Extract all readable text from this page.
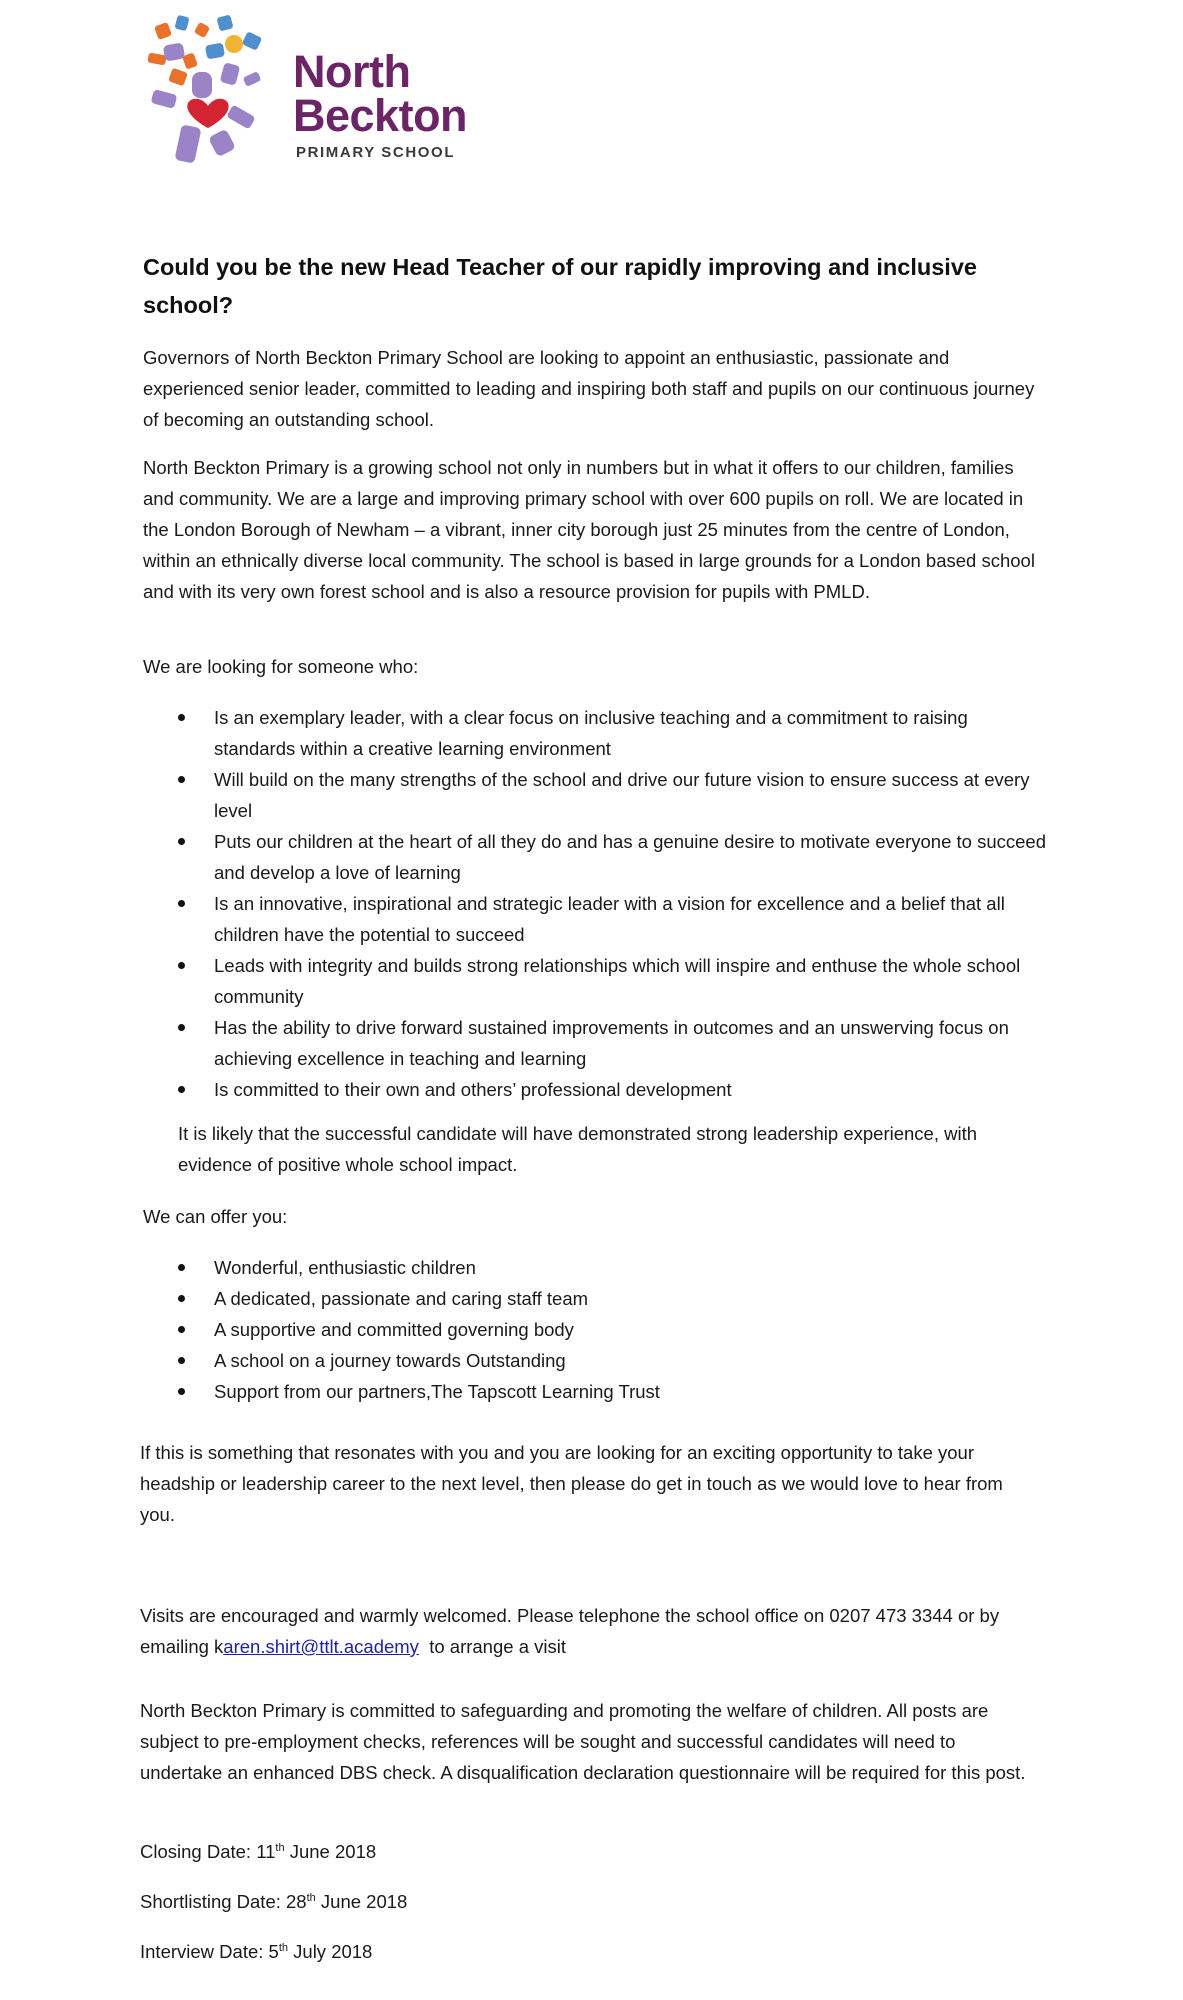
North
Beckton
PRIMARY SCHOOL
Could you be the new Head Teacher of our rapidly improving and inclusive school?

Governors of North Beckton Primary School are looking to appoint an enthusiastic, passionate and experienced senior leader, committed to leading and inspiring both staff and pupils on our continuous journey of becoming an outstanding school.

North Beckton Primary is a growing school not only in numbers but in what it offers to our children, families and community. We are a large and improving primary school with over 600 pupils on roll. We are located in the London Borough of Newham – a vibrant, inner city borough just 25 minutes from the centre of London, within an ethnically diverse local community. The school is based in large grounds for a London based school and with its very own forest school and is also a resource provision for pupils with PMLD.

We are looking for someone who:

Is an exemplary leader, with a clear focus on inclusive teaching and a commitment to raising standards within a creative learning environment
Will build on the many strengths of the school and drive our future vision to ensure success at every level
Puts our children at the heart of all they do and has a genuine desire to motivate everyone to succeed and develop a love of learning
Is an innovative, inspirational and strategic leader with a vision for excellence and a belief that all children have the potential to succeed
Leads with integrity and builds strong relationships which will inspire and enthuse the whole school community
Has the ability to drive forward sustained improvements in outcomes and an unswerving focus on achieving excellence in teaching and learning
Is committed to their own and others’ professional development

It is likely that the successful candidate will have demonstrated strong leadership experience, with evidence of positive whole school impact.

We can offer you:

Wonderful, enthusiastic children
A dedicated, passionate and caring staff team
A supportive and committed governing body
A school on a journey towards Outstanding
Support from our partners,The Tapscott Learning Trust

If this is something that resonates with you and you are looking for an exciting opportunity to take your headship or leadership career to the next level, then please do get in touch as we would love to hear from you.

Visits are encouraged and warmly welcomed. Please telephone the school office on 0207 473 3344 or by emailing karen.shirt@ttlt.academy  to arrange a visit

North Beckton Primary is committed to safeguarding and promoting the welfare of children. All posts are subject to pre-employment checks, references will be sought and successful candidates will need to undertake an enhanced DBS check. A disqualification declaration questionnaire will be required for this post.

Closing Date: 11th June 2018
Shortlisting Date: 28th June 2018
Interview Date: 5th July 2018
